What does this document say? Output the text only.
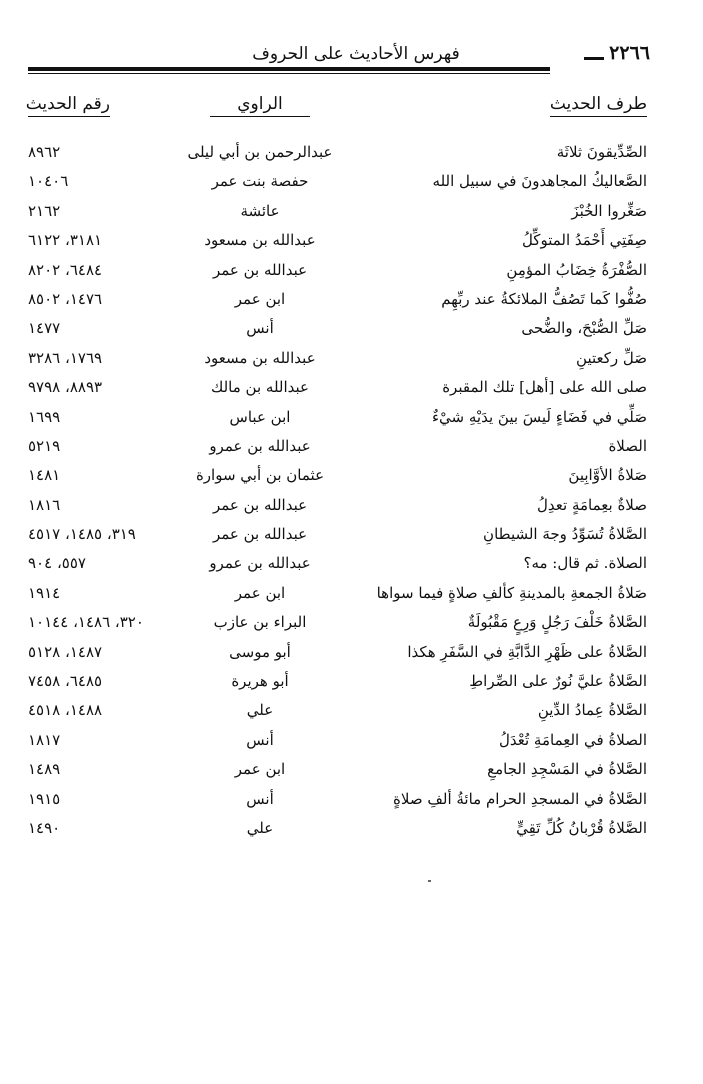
فهرس الأحاديث على الحروف	٢٢٦٦
طرف الحديث
الراوي
رقم الحديث
الصِّدِّيقونَ ثلاثَة
عبدالرحمن بن أبي ليلى
٨٩٦٢
الصَّعاليكُ المجاهدونَ في سبيل الله
حفصة بنت عمر
١٠٤٠٦
صَغِّروا الخُبْزَ
عائشة
٢١٦٢
صِفَتِي أَحْمَدُ المتوكِّلُ
عبدالله بن مسعود
٣١٨١، ٦١٢٢
الصُّفْرَةُ خِضَابُ المؤمِنِ
عبدالله بن عمر
٦٤٨٤، ٨٢٠٢
صُفُّوا كَما تَصُفُّ الملائكةُ عند ربِّهِم
ابن عمر
١٤٧٦، ٨٥٠٢
صَلِّ الصُّبْحَ، والضُّحى
أنس
١٤٧٧
صَلِّ ركعتينِ
عبدالله بن مسعود
١٧٦٩، ٣٢٨٦
صلى الله على [أهل] تلك المقبرة
عبدالله بن مالك
٨٨٩٣، ٩٧٩٨
صَلِّي في فَضَاءٍ لَيسَ بينَ يدَيْهِ شيْءٌ
ابن عباس
١٦٩٩
الصلاة
عبدالله بن عمرو
٥٢١٩
صَلاةُ الأوَّابِينَ
عثمان بن أبي سوارة
١٤٨١
صلاةٌ بعِمامَةٍ تعدِلُ
عبدالله بن عمر
١٨١٦
الصَّلاةُ تُسَوِّدُ وجهَ الشيطانِ
عبدالله بن عمر
٣١٩، ١٤٨٥، ٤٥١٧
الصلاة. ثم قال: مه؟
عبدالله بن عمرو
٥٥٧، ٩٠٤
صَلاةُ الجمعةِ بالمدينةِ كألفِ صلاةٍ فيما سواها
ابن عمر
١٩١٤
الصَّلاةُ خَلْفَ رَجُلٍ وَرِعٍ مَقْبُولَةٌ
البراء بن عازب
٣٢٠، ١٤٨٦، ١٠١٤٤
الصَّلاةُ على ظَهْرِ الدَّابَّةِ في السَّفَرِ هكذا
أبو موسى
١٤٨٧، ٥١٢٨
الصَّلاةُ عليَّ نُورٌ على الصِّراطِ
أبو هريرة
٦٤٨٥، ٧٤٥٨
الصَّلاةُ عِمادُ الدِّينِ
علي
١٤٨٨، ٤٥١٨
الصلاةُ في العِمامَةِ تُعْدَلُ
أنس
١٨١٧
الصَّلاةُ في المَسْجِدِ الجامعِ
ابن عمر
١٤٨٩
الصَّلاةُ في المسجدِ الحرام مائةُ ألفِ صلاةٍ
أنس
١٩١٥
الصَّلاةُ قُرْبانُ كُلِّ تَقِيٍّ
علي
١٤٩٠
